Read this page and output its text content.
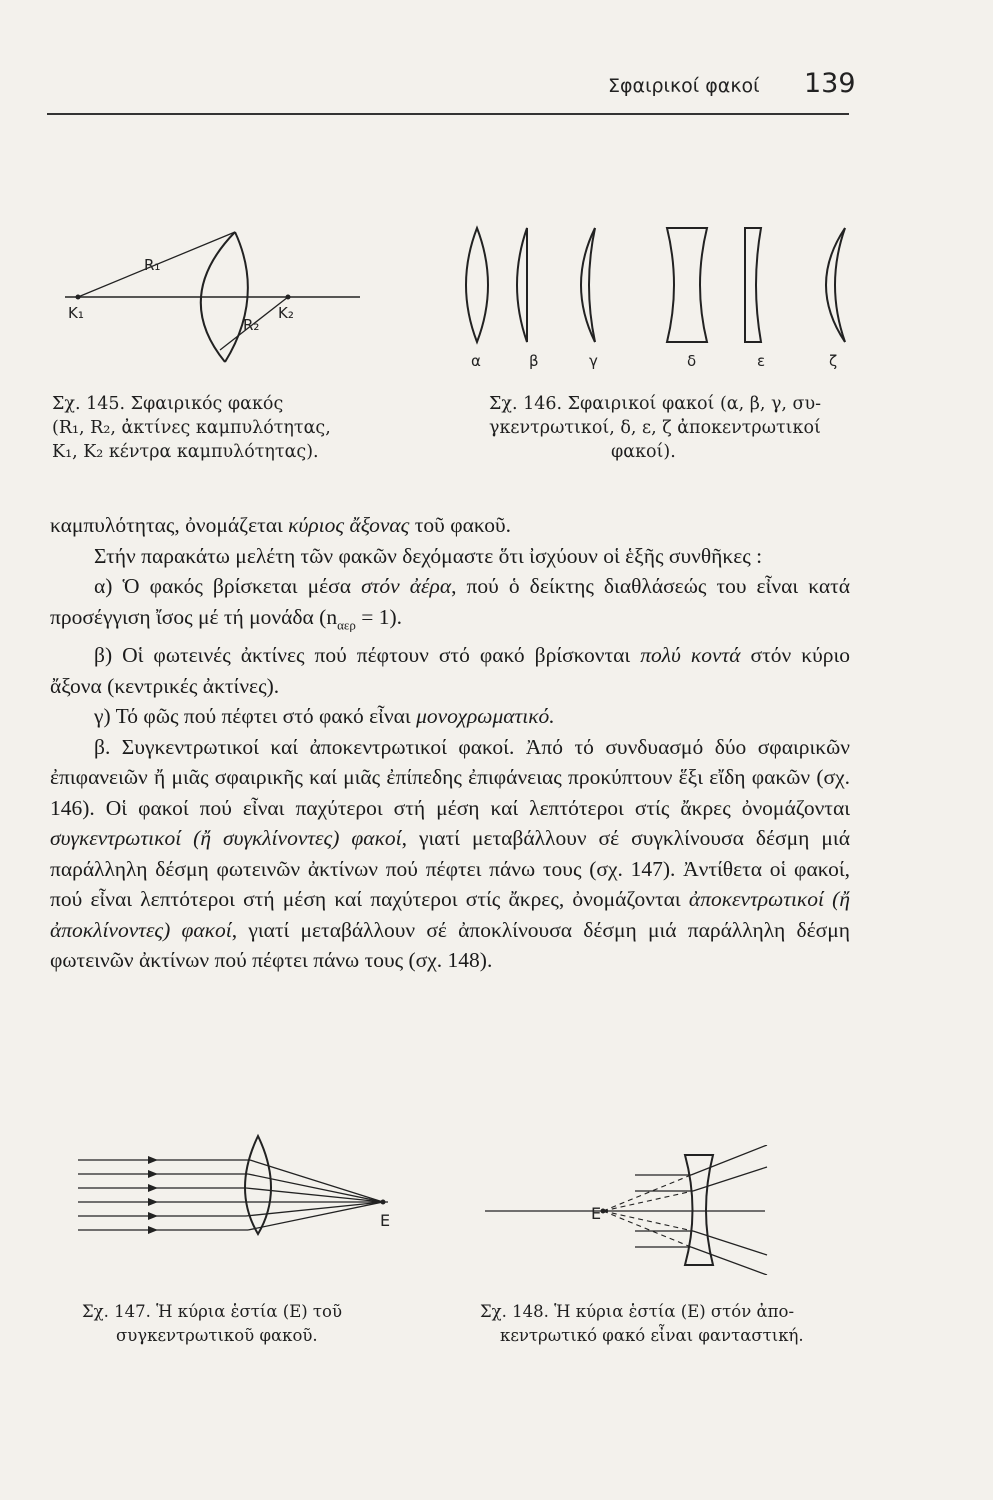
Σφαιρικοί φακοί 139
R₁
K₁
R₂
K₂
Σχ. 145. Σφαιρικός φακός
(R₁, R₂, ἀκτίνες καμπυλότητας,
K₁, K₂ κέντρα καμπυλότητας).
α	β	γ	δ	ε	ζ
Σχ. 146. Σφαιρικοί φακοί (α, β, γ, συ-
γκεντρωτικοί, δ, ε, ζ ἀποκεντρωτικοί
φακοί).

καμπυλότητας, ὀνομάζεται κύριος ἄξονας τοῦ φακοῦ.

Στήν παρακάτω μελέτη τῶν φακῶν δεχόμαστε ὅτι ἰσχύουν οἱ ἑξῆς συνθῆκες :

α) Ὁ φακός βρίσκεται μέσα στόν ἀέρα, πού ὁ δείκτης διαθλάσεώς του εἶναι κατά προσέγγιση ἴσος μέ τή μονάδα $(n_{\alpha\varepsilon\rho} = 1)$.

β) Οἱ φωτεινές ἀκτίνες πού πέφτουν στό φακό βρίσκονται πολύ κοντά στόν κύριο ἄξονα (κεντρικές ἀκτίνες).

γ) Τό φῶς πού πέφτει στό φακό εἶναι μονοχρωματικό.

β. Συγκεντρωτικοί καί ἀποκεντρωτικοί φακοί. Ἀπό τό συνδυασμό δύο σφαιρικῶν ἐπιφανειῶν ἤ μιᾶς σφαιρικῆς καί μιᾶς ἐπίπεδης ἐπιφάνειας προκύπτουν ἕξι εἴδη φακῶν (σχ. 146). Οἱ φακοί πού εἶναι παχύτεροι στή μέση καί λεπτότεροι στίς ἄκρες ὀνομάζονται συγκεντρωτικοί (ἤ συγκλίνοντες) φακοί, γιατί μεταβάλλουν σέ συγκλίνουσα δέσμη μιά παράλληλη δέσμη φωτεινῶν ἀκτίνων πού πέφτει πάνω τους (σχ. 147). Ἀντίθετα οἱ φακοί, πού εἶναι λεπτότεροι στή μέση καί παχύτεροι στίς ἄκρες, ὀνομάζονται ἀποκεντρωτικοί (ἤ ἀποκλίνοντες) φακοί, γιατί μεταβάλλουν σέ ἀποκλίνουσα δέσμη μιά παράλληλη δέσμη φωτεινῶν ἀκτίνων πού πέφτει πάνω τους (σχ. 148).

Ε
Σχ. 147. Ἡ κύρια ἑστία (Ε) τοῦ
συγκεντρωτικοῦ φακοῦ.
Ε
Σχ. 148. Ἡ κύρια ἑστία (Ε) στόν ἀπο-
κεντρωτικό φακό εἶναι φανταστική.
